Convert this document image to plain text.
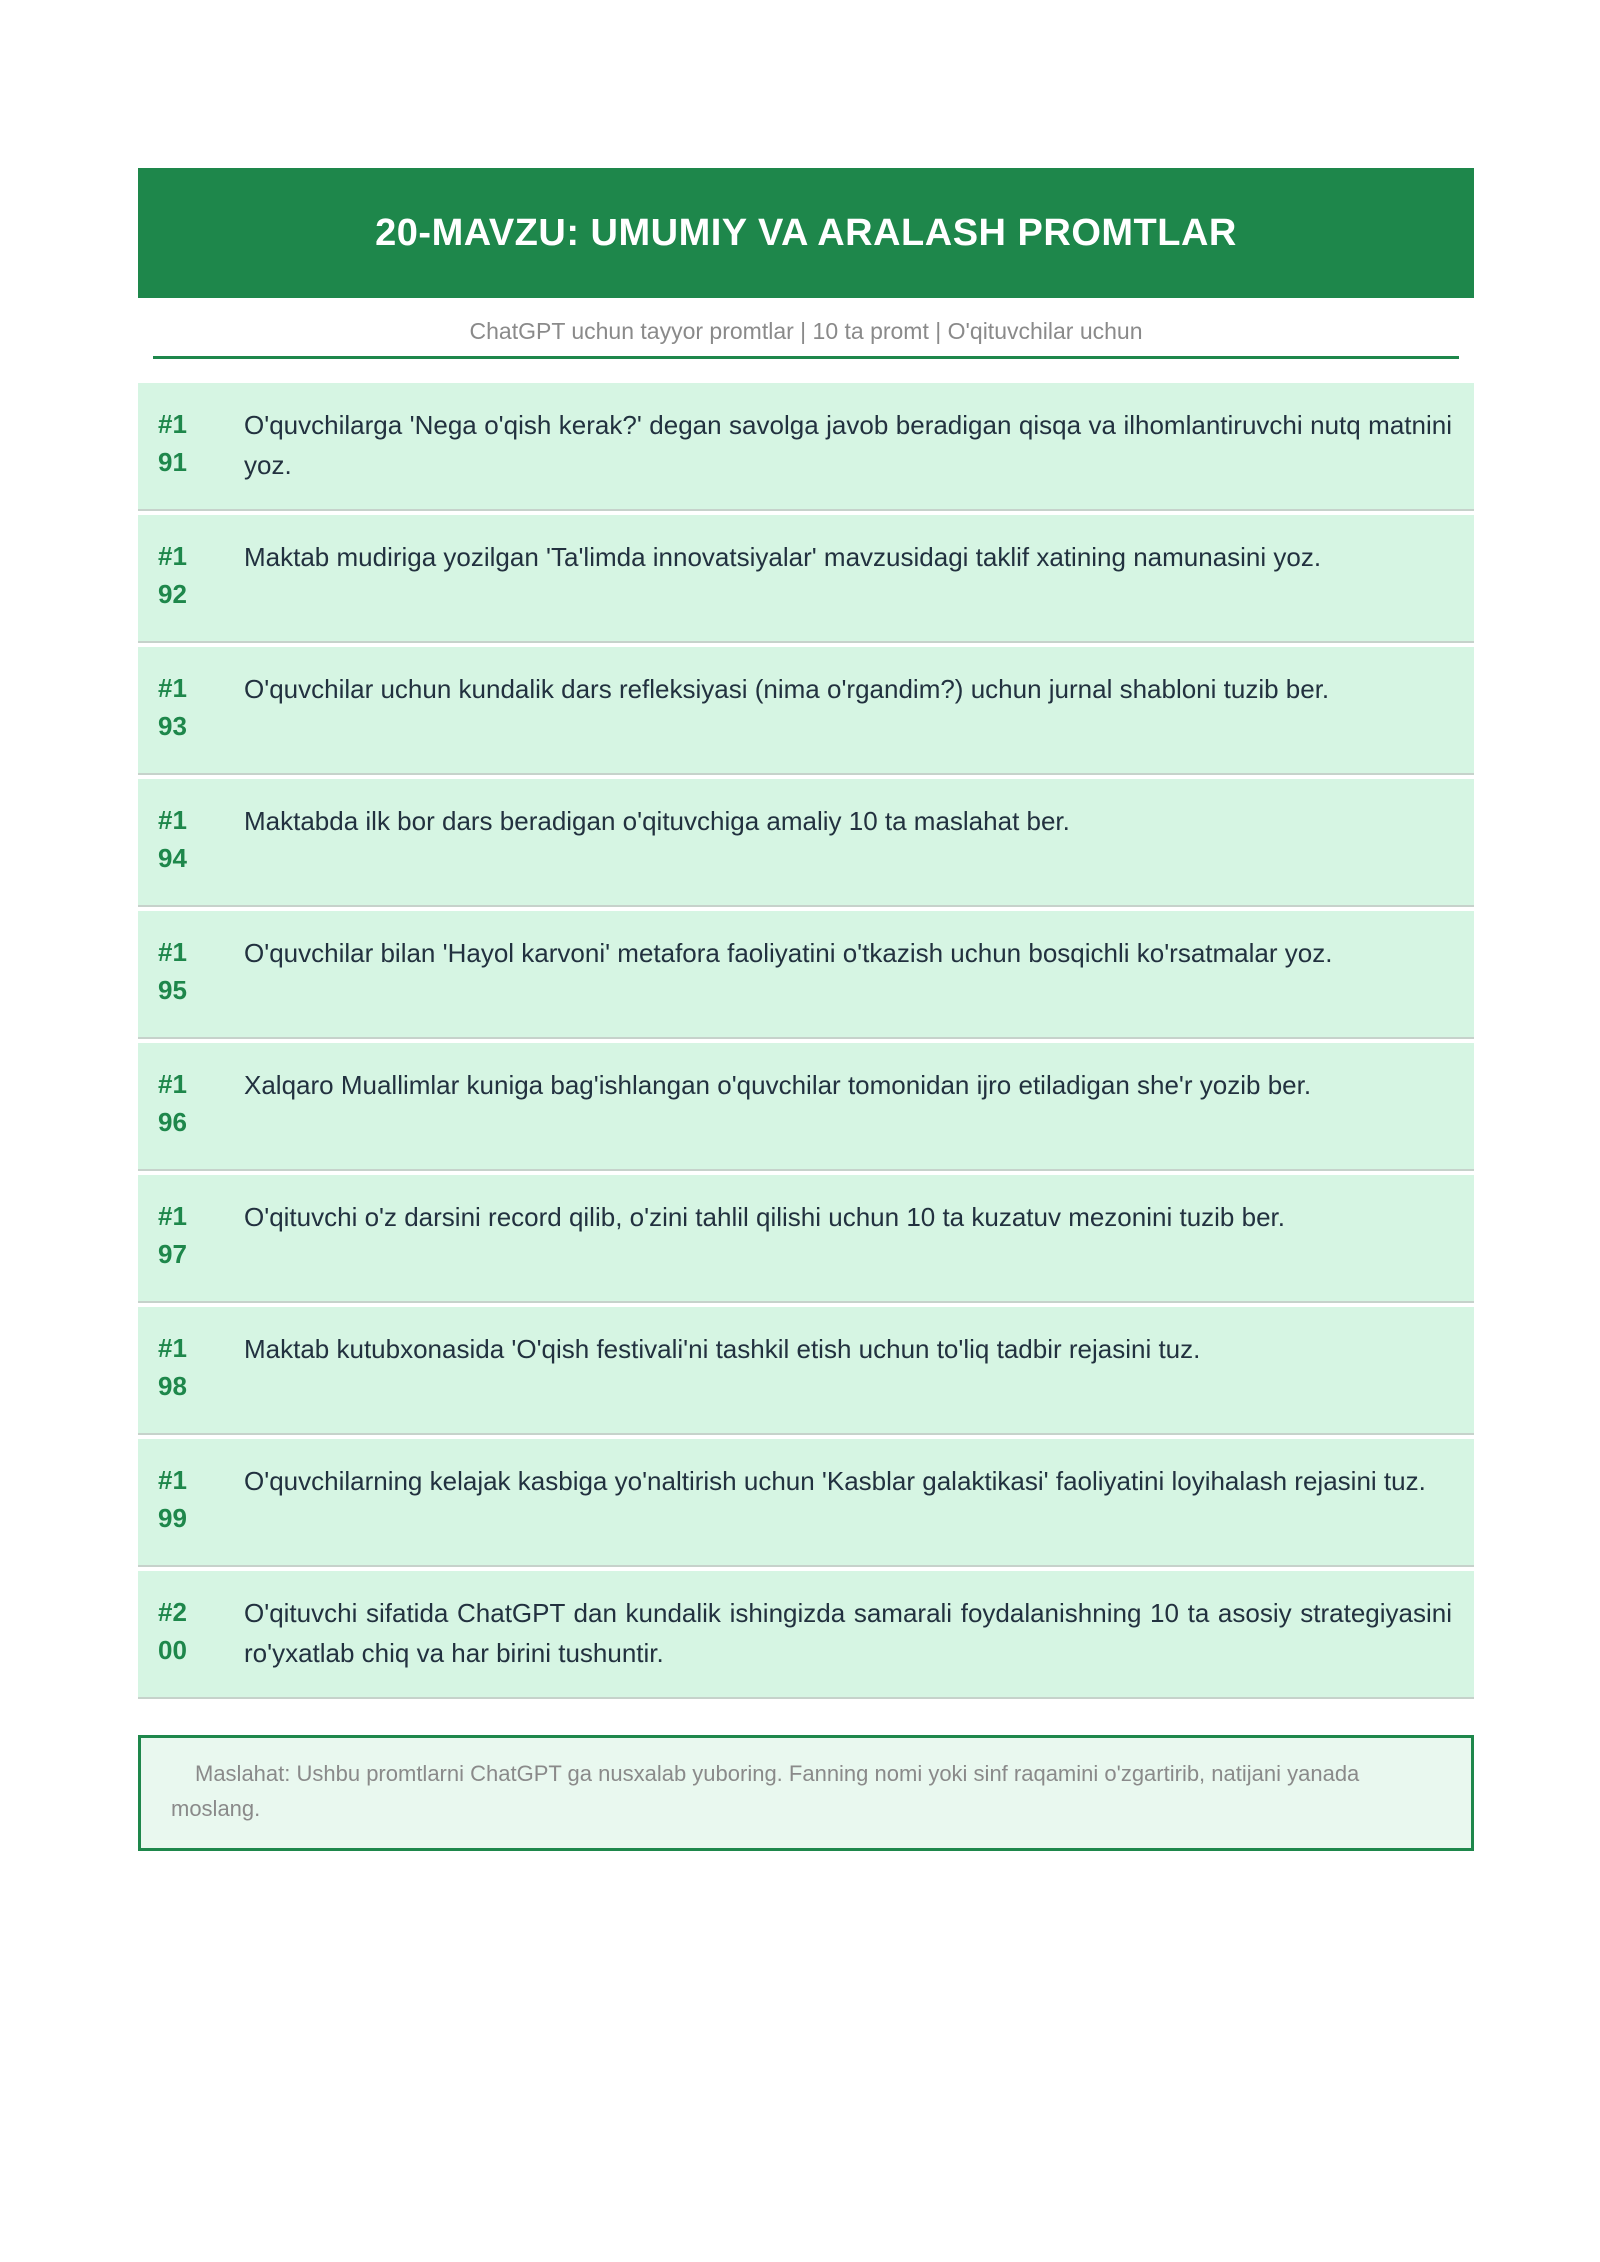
20-MAVZU: UMUMIY VA ARALASH PROMTLAR
ChatGPT uchun tayyor promtlar | 10 ta promt | O'qituvchilar uchun
#1
91
O'quvchilarga 'Nega o'qish kerak?' degan savolga javob beradigan qisqa va ilhomlantiruvchi nutq matnini yoz.
#1
92
Maktab mudiriga yozilgan 'Ta'limda innovatsiyalar' mavzusidagi taklif xatining namunasini yoz.
#1
93
O'quvchilar uchun kundalik dars refleksiyasi (nima o'rgandim?) uchun jurnal shabloni tuzib ber.
#1
94
Maktabda ilk bor dars beradigan o'qituvchiga amaliy 10 ta maslahat ber.
#1
95
O'quvchilar bilan 'Hayol karvoni' metafora faoliyatini o'tkazish uchun bosqichli ko'rsatmalar yoz.
#1
96
Xalqaro Muallimlar kuniga bag'ishlangan o'quvchilar tomonidan ijro etiladigan she'r yozib ber.
#1
97
O'qituvchi o'z darsini record qilib, o'zini tahlil qilishi uchun 10 ta kuzatuv mezonini tuzib ber.
#1
98
Maktab kutubxonasida 'O'qish festivali'ni tashkil etish uchun to'liq tadbir rejasini tuz.
#1
99
O'quvchilarning kelajak kasbiga yo'naltirish uchun 'Kasblar galaktikasi' faoliyatini loyihalash rejasini tuz.
#2
00
O'qituvchi sifatida ChatGPT dan kundalik ishingizda samarali foydalanishning 10 ta asosiy strategiyasini ro'yxatlab chiq va har birini tushuntir.
Maslahat: Ushbu promtlarni ChatGPT ga nusxalab yuboring. Fanning nomi yoki sinf raqamini o'zgartirib, natijani yanada moslang.
